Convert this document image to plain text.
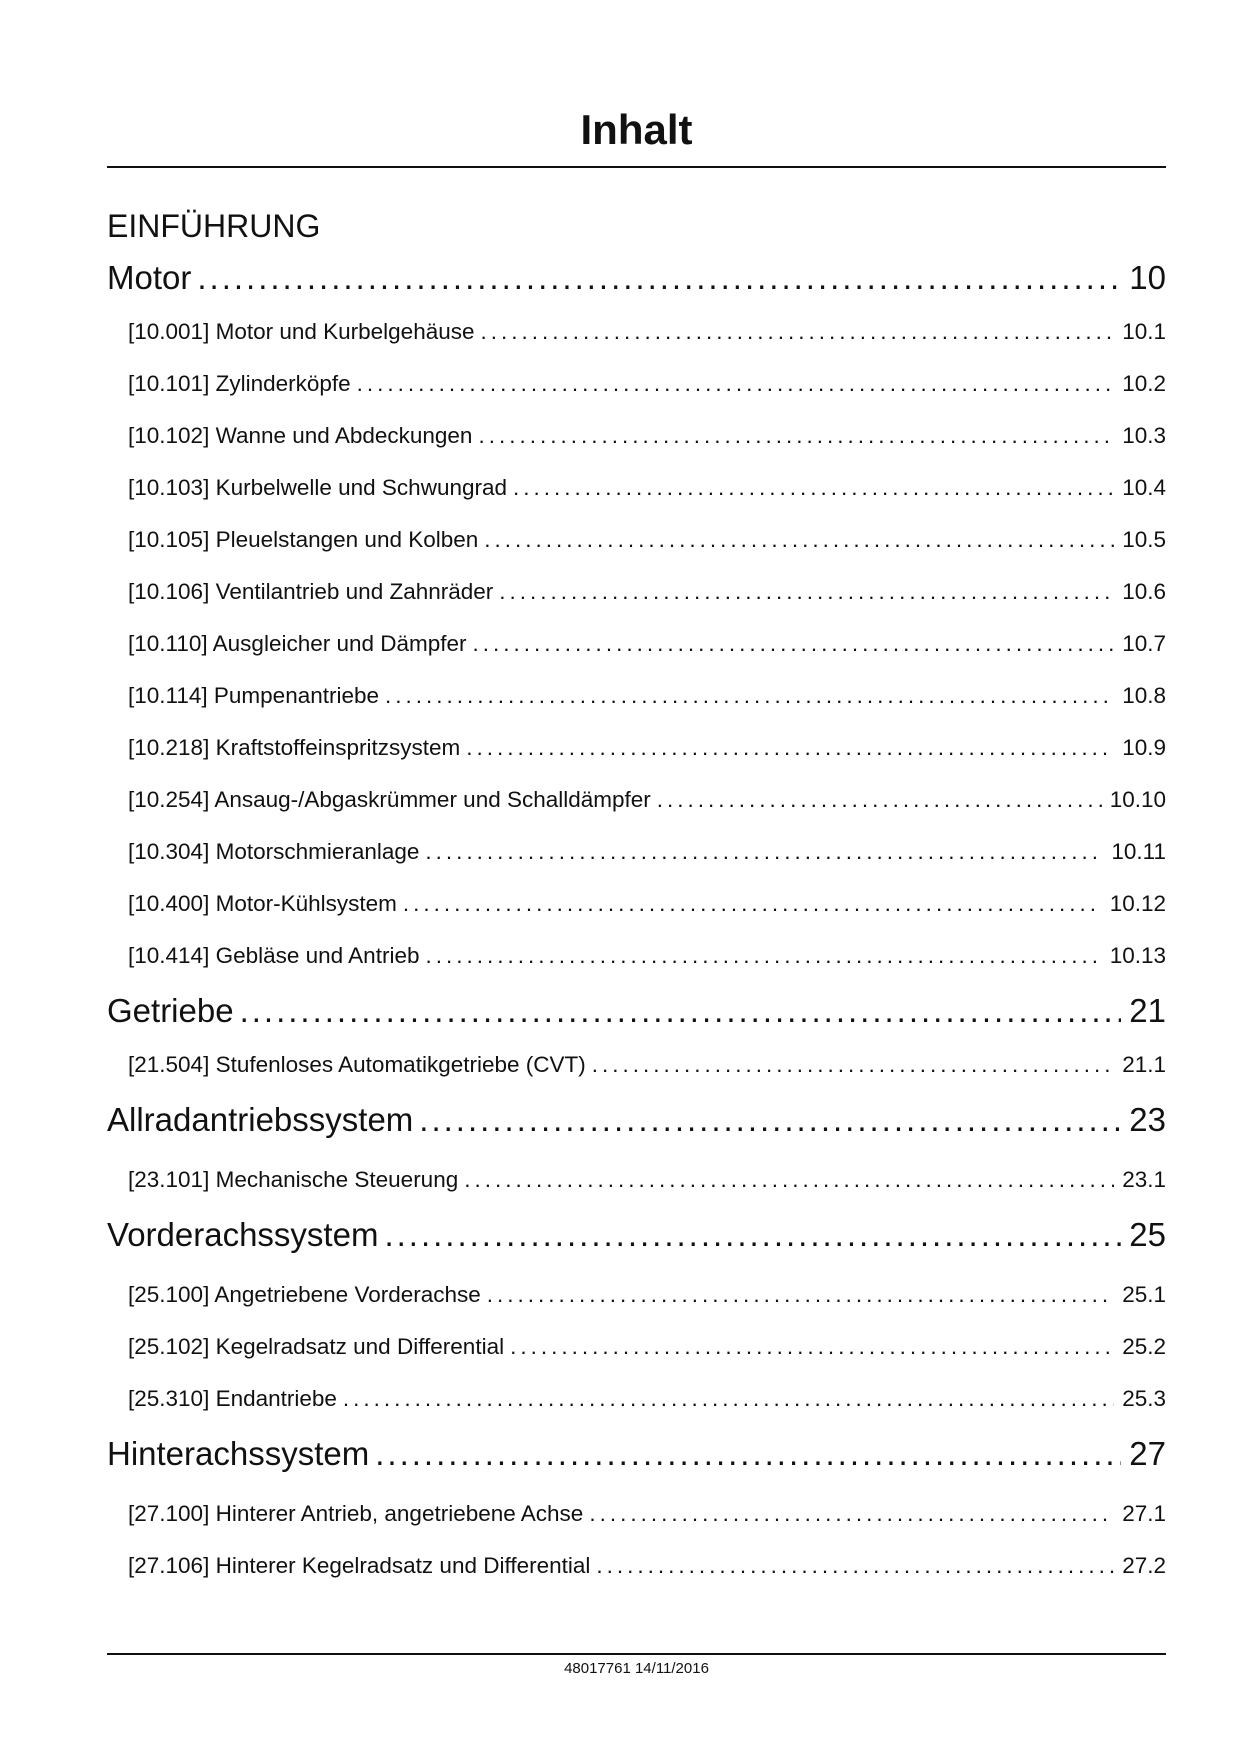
Inhalt
EINFÜHRUNG
Motor .....	10
[10.001] Motor und Kurbelgehäuse .....	10.1
[10.101] Zylinderköpfe .....	10.2
[10.102] Wanne und Abdeckungen .....	10.3
[10.103] Kurbelwelle und Schwungrad .....	10.4
[10.105] Pleuelstangen und Kolben .....	10.5
[10.106] Ventilantrieb und Zahnräder .....	10.6
[10.110] Ausgleicher und Dämpfer .....	10.7
[10.114] Pumpenantriebe .....	10.8
[10.218] Kraftstoffeinspritzsystem .....	10.9
[10.254] Ansaug-/Abgaskrümmer und Schalldämpfer .....	10.10
[10.304] Motorschmieranlage .....	10.11
[10.400] Motor-Kühlsystem .....	10.12
[10.414] Gebläse und Antrieb .....	10.13
Getriebe .....	21
[21.504] Stufenloses Automatikgetriebe (CVT) .....	21.1
Allradantriebssystem .....	23
[23.101] Mechanische Steuerung .....	23.1
Vorderachssystem .....	25
[25.100] Angetriebene Vorderachse .....	25.1
[25.102] Kegelradsatz und Differential .....	25.2
[25.310] Endantriebe .....	25.3
Hinterachssystem .....	27
[27.100] Hinterer Antrieb, angetriebene Achse .....	27.1
[27.106] Hinterer Kegelradsatz und Differential .....	27.2
48017761 14/11/2016
